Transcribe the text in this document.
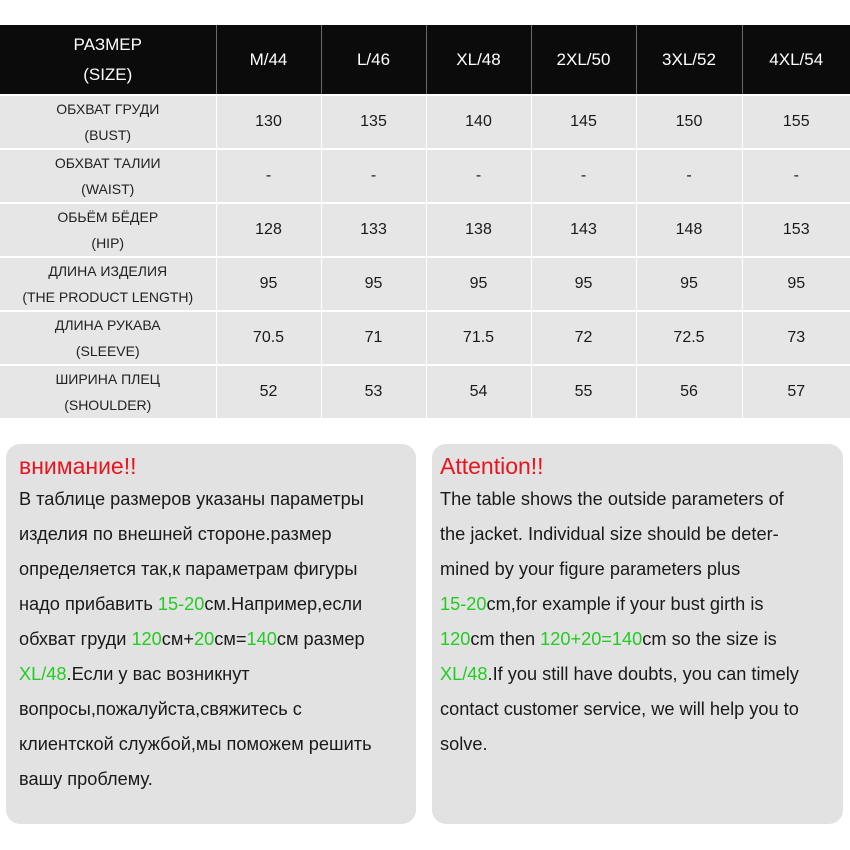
РАЗМЕР
(SIZE)	M/44	L/46	XL/48	2XL/50	3XL/52	4XL/54

ОБХВАТ ГРУДИ
(BUST)	130	135	140	145	150	155

ОБХВАТ ТАЛИИ
(WAIST)	-	-	-	-	-	-

ОБЬЁМ БЁДЕР
(HIP)	128	133	138	143	148	153

ДЛИНА ИЗДЕЛИЯ
(THE PRODUCT LENGTH)	95	95	95	95	95	95

ДЛИНА РУКАВА
(SLEEVE)	70.5	71	71.5	72	72.5	73

ШИРИНА ПЛЕЦ
(SHOULDER)	52	53	54	55	56	57
внимание!!
В таблице размеров указаны параметры
изделия по внешней стороне.размер
определяется так,к параметрам фигуры
надо прибавить 15-20см.Например,если
обхват груди 120см+20см=140см размер
XL/48.Если у вас возникнут
вопросы,пожалуйста,свяжитесь с
клиентской службой,мы поможем решить
вашу проблему.
Attention!!
The table shows the outside parameters of
the jacket. Individual size should be deter-
mined by your figure parameters plus
15-20cm,for example if your bust girth is
120cm then 120+20=140cm so the size is
XL/48.If you still have doubts, you can timely
contact customer service, we will help you to
solve.
